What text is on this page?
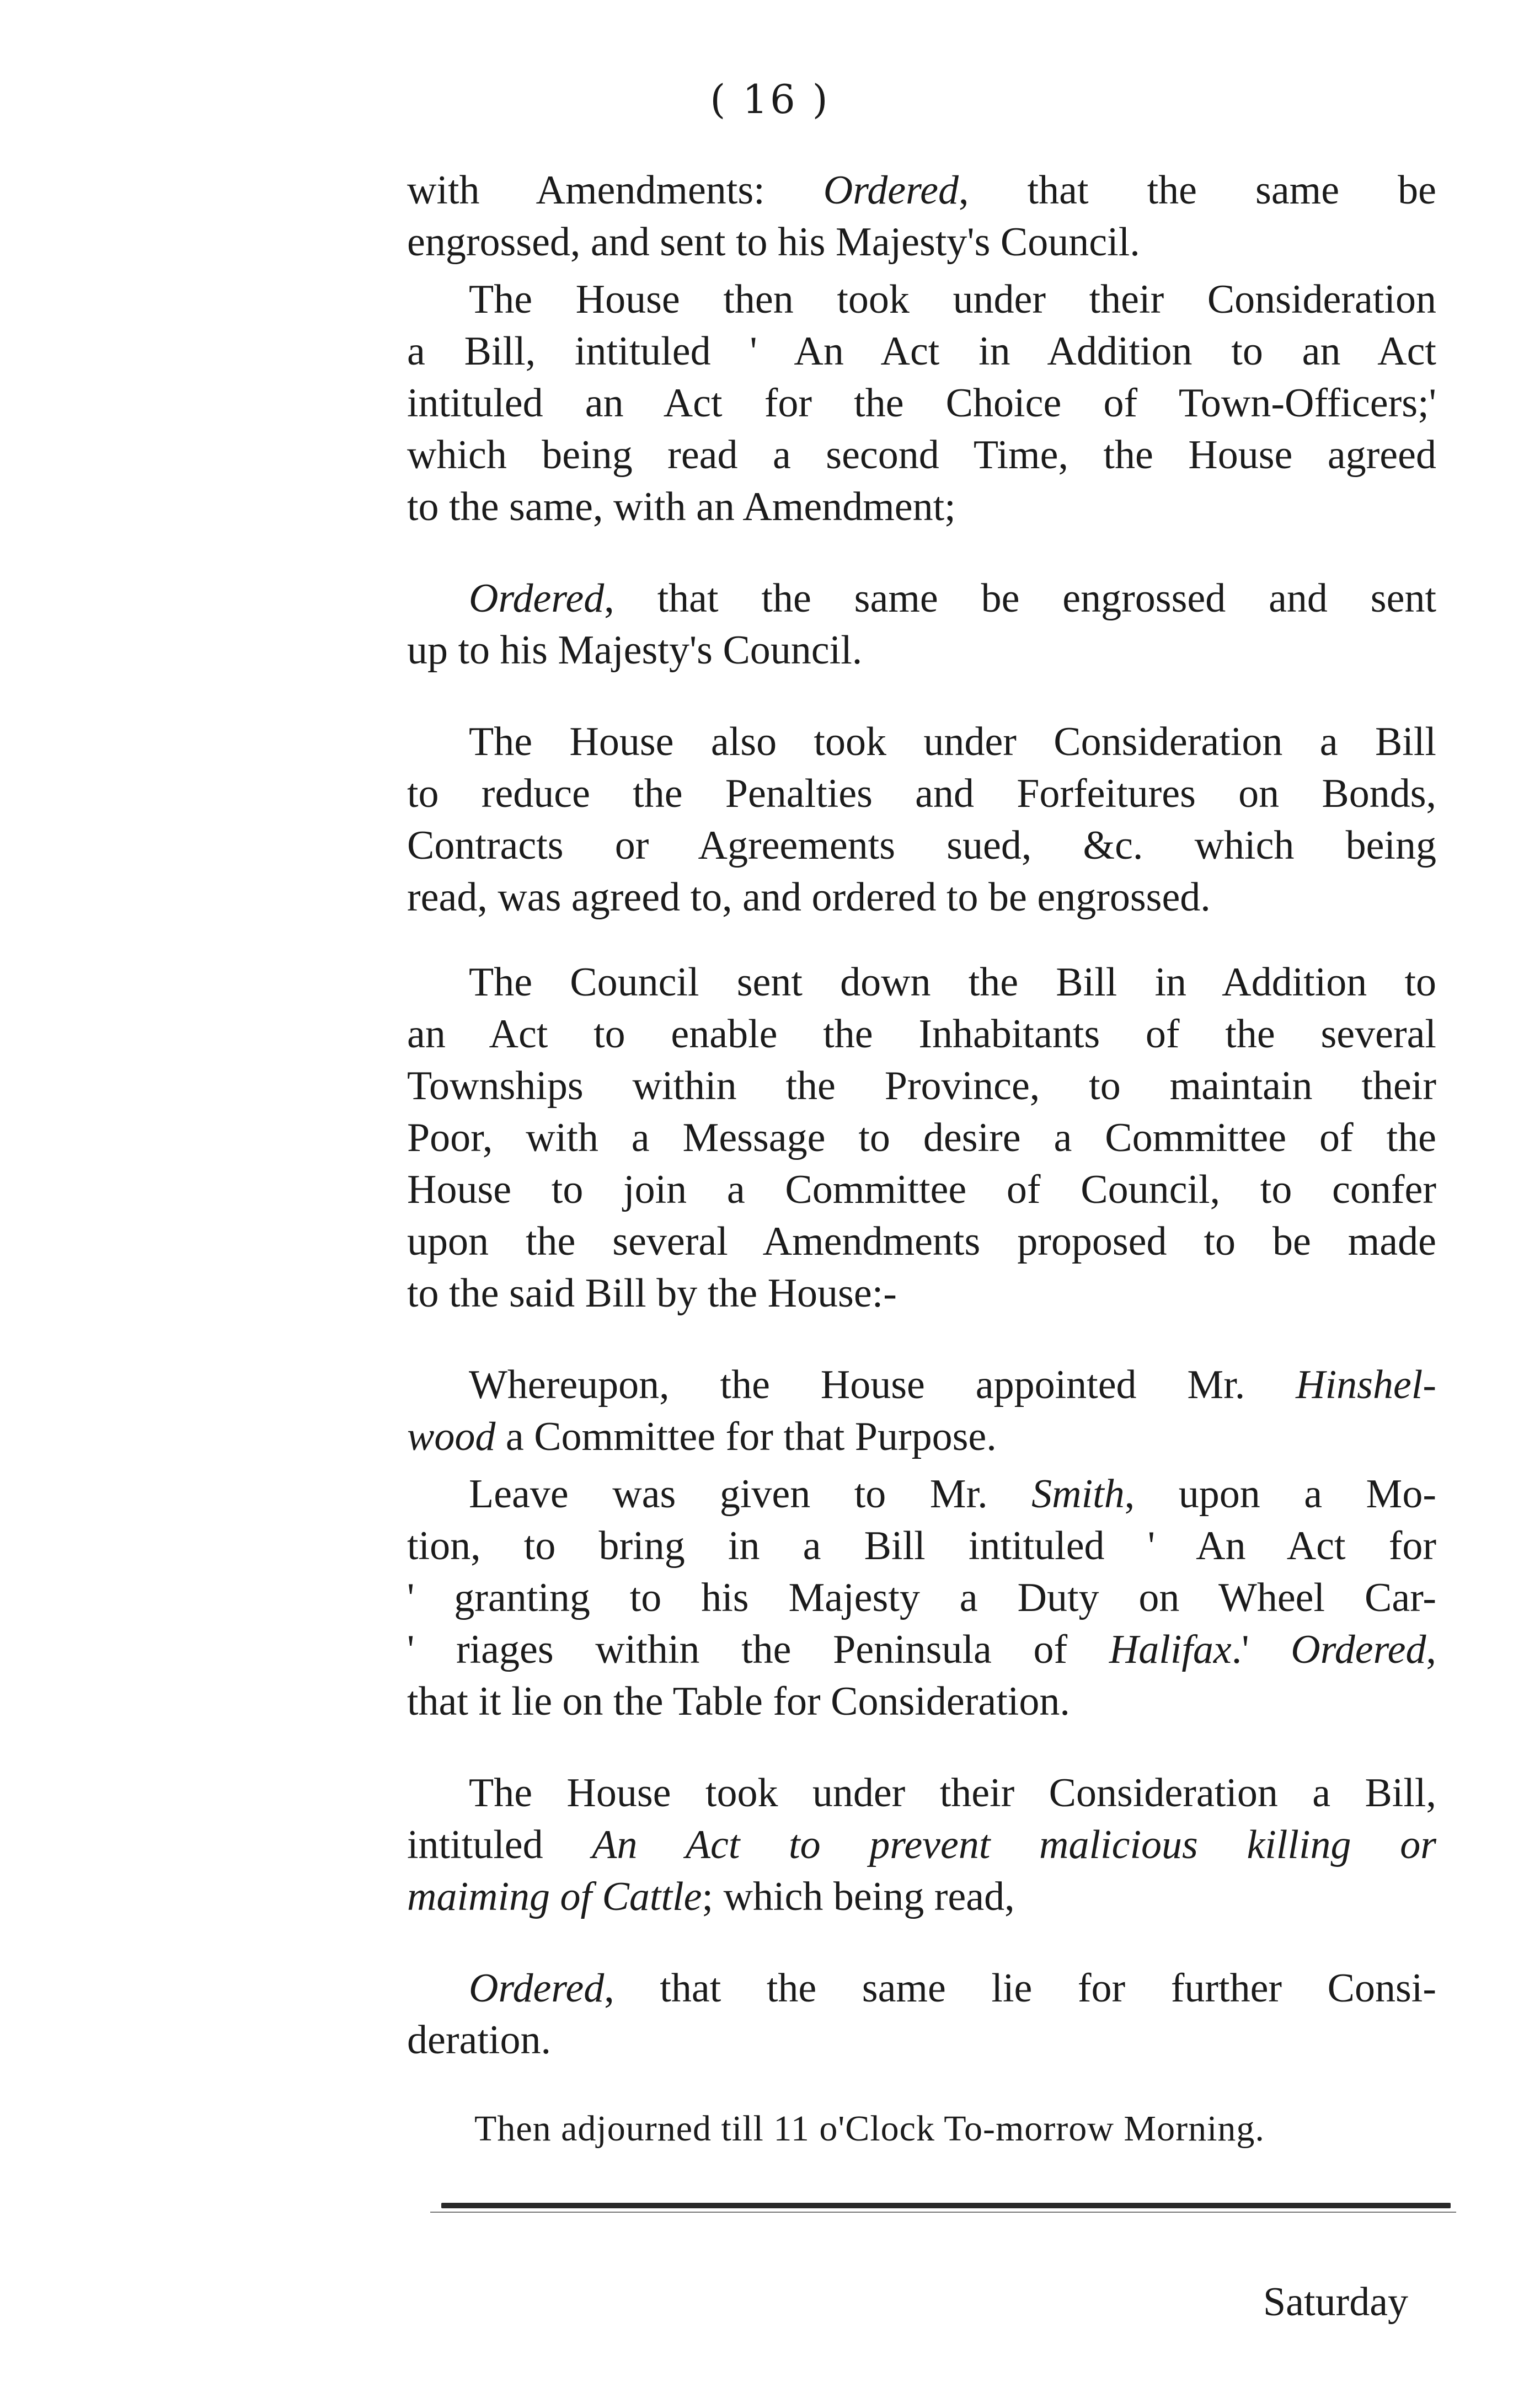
( 16 )
with Amendments: Ordered, that the same be
engrossed, and sent to his Majesty's Council.
The House then took under their Consideration
a Bill, intituled ' An Act in Addition to an Act
intituled an Act for the Choice of Town-Officers;'
which being read a second Time, the House agreed
to the same, with an Amendment;
Ordered, that the same be engrossed and sent
up to his Majesty's Council.
The House also took under Consideration a Bill
to reduce the Penalties and Forfeitures on Bonds,
Contracts or Agreements sued, &c. which being
read, was agreed to, and ordered to be engrossed.
The Council sent down the Bill in Addition to
an Act to enable the Inhabitants of the several
Townships within the Province, to maintain their
Poor, with a Message to desire a Committee of the
House to join a Committee of Council, to confer
upon the several Amendments proposed to be made
to the said Bill by the House:-
Whereupon, the House appointed Mr. Hinshel-
wood a Committee for that Purpose.
Leave was given to Mr. Smith, upon a Mo-
tion, to bring in a Bill intituled ' An Act for
' granting to his Majesty a Duty on Wheel Car-
' riages within the Peninsula of Halifax.' Ordered,
that it lie on the Table for Consideration.
The House took under their Consideration a Bill,
intituled An Act to prevent malicious killing or
maiming of Cattle; which being read,
Ordered, that the same lie for further Consi-
deration.
Then adjourned till 11 o'Clock To-morrow Morning.
Saturday
